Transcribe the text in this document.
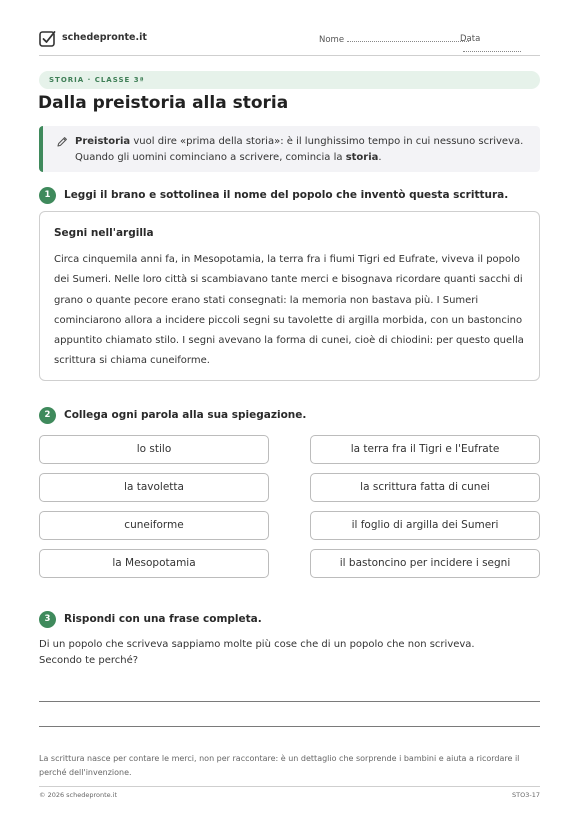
schedepronte.it	Nome	Data
STORIA · CLASSE 3ª
Dalla preistoria alla storia
Preistoria vuol dire «prima della storia»: è il lunghissimo tempo in cui nessuno scriveva. Quando gli uomini cominciano a scrivere, comincia la storia.
1	Leggi il brano e sottolinea il nome del popolo che inventò questa scrittura.
Segni nell'argilla
Circa cinquemila anni fa, in Mesopotamia, la terra fra i fiumi Tigri ed Eufrate, viveva il popolo dei Sumeri. Nelle loro città si scambiavano tante merci e bisognava ricordare quanti sacchi di grano o quante pecore erano stati consegnati: la memoria non bastava più. I Sumeri cominciarono allora a incidere piccoli segni su tavolette di argilla morbida, con un bastoncino appuntito chiamato stilo. I segni avevano la forma di cunei, cioè di chiodini: per questo quella scrittura si chiama cuneiforme.
2	Collega ogni parola alla sua spiegazione.
lo stilo
la tavoletta
cuneiforme
la Mesopotamia
la terra fra il Tigri e l'Eufrate
la scrittura fatta di cunei
il foglio di argilla dei Sumeri
il bastoncino per incidere i segni
3	Rispondi con una frase completa.
Di un popolo che scriveva sappiamo molte più cose che di un popolo che non scriveva.
Secondo te perché?
La scrittura nasce per contare le merci, non per raccontare: è un dettaglio che sorprende i bambini e aiuta a ricordare il perché dell'invenzione.
© 2026 schedepronte.it	STO3-17
